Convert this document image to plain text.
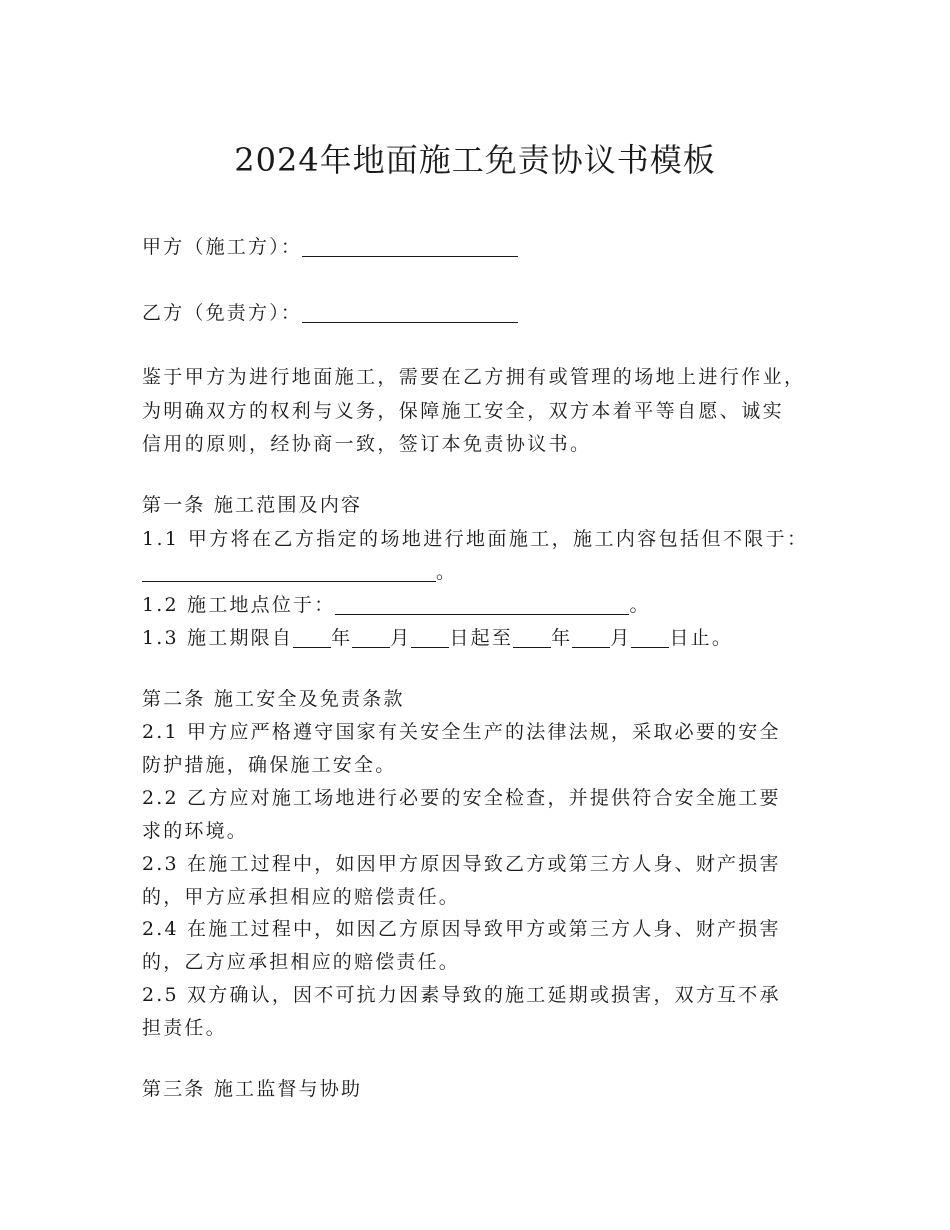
2024年地面施工免责协议书模板
甲方（施工方）：
乙方（免责方）：
鉴于甲方为进行地面施工，需要在乙方拥有或管理的场地上进行作业，
为明确双方的权利与义务，保障施工安全，双方本着平等自愿、诚实
信用的原则，经协商一致，签订本免责协议书。
第一条 施工范围及内容
1.1 甲方将在乙方指定的场地进行地面施工，施工内容包括但不限于：
。
1.2 施工地点位于：	。
1.3 施工期限自 年 月 日起至 年 月 日止。
第二条 施工安全及免责条款
2.1 甲方应严格遵守国家有关安全生产的法律法规，采取必要的安全
防护措施，确保施工安全。
2.2 乙方应对施工场地进行必要的安全检查，并提供符合安全施工要
求的环境。
2.3 在施工过程中，如因甲方原因导致乙方或第三方人身、财产损害
的，甲方应承担相应的赔偿责任。
2.4 在施工过程中，如因乙方原因导致甲方或第三方人身、财产损害
的，乙方应承担相应的赔偿责任。
2.5 双方确认，因不可抗力因素导致的施工延期或损害，双方互不承
担责任。
第三条 施工监督与协助
